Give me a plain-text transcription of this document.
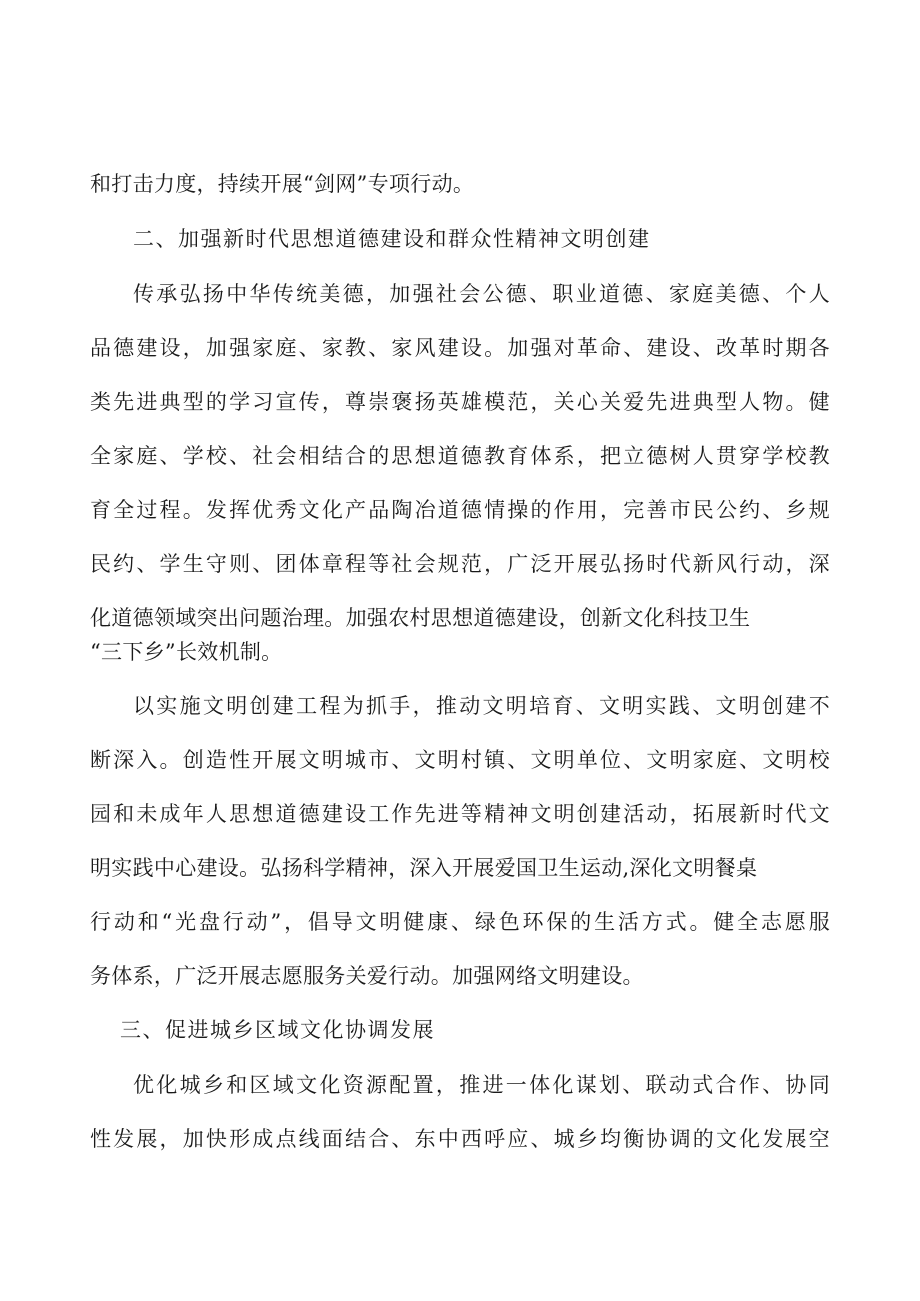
和打击力度，持续开展“剑网”专项行动。
二、加强新时代思想道德建设和群众性精神文明创建
传承弘扬中华传统美德，加强社会公德、职业道德、家庭美德、个人
品德建设，加强家庭、家教、家风建设。加强对革命、建设、改革时期各
类先进典型的学习宣传，尊崇褒扬英雄模范，关心关爱先进典型人物。健
全家庭、学校、社会相结合的思想道德教育体系，把立德树人贯穿学校教
育全过程。发挥优秀文化产品陶冶道德情操的作用，完善市民公约、乡规
民约、学生守则、团体章程等社会规范，广泛开展弘扬时代新风行动，深
化道德领域突出问题治理。加强农村思想道德建设，创新文化科技卫生
“三下乡”长效机制。
以实施文明创建工程为抓手，推动文明培育、文明实践、文明创建不
断深入。创造性开展文明城市、文明村镇、文明单位、文明家庭、文明校
园和未成年人思想道德建设工作先进等精神文明创建活动，拓展新时代文
明实践中心建设。弘扬科学精神，深入开展爱国卫生运动,深化文明餐桌
行动和“光盘行动”，倡导文明健康、绿色环保的生活方式。健全志愿服
务体系，广泛开展志愿服务关爱行动。加强网络文明建设。
三、促进城乡区域文化协调发展
优化城乡和区域文化资源配置，推进一体化谋划、联动式合作、协同
性发展，加快形成点线面结合、东中西呼应、城乡均衡协调的文化发展空
